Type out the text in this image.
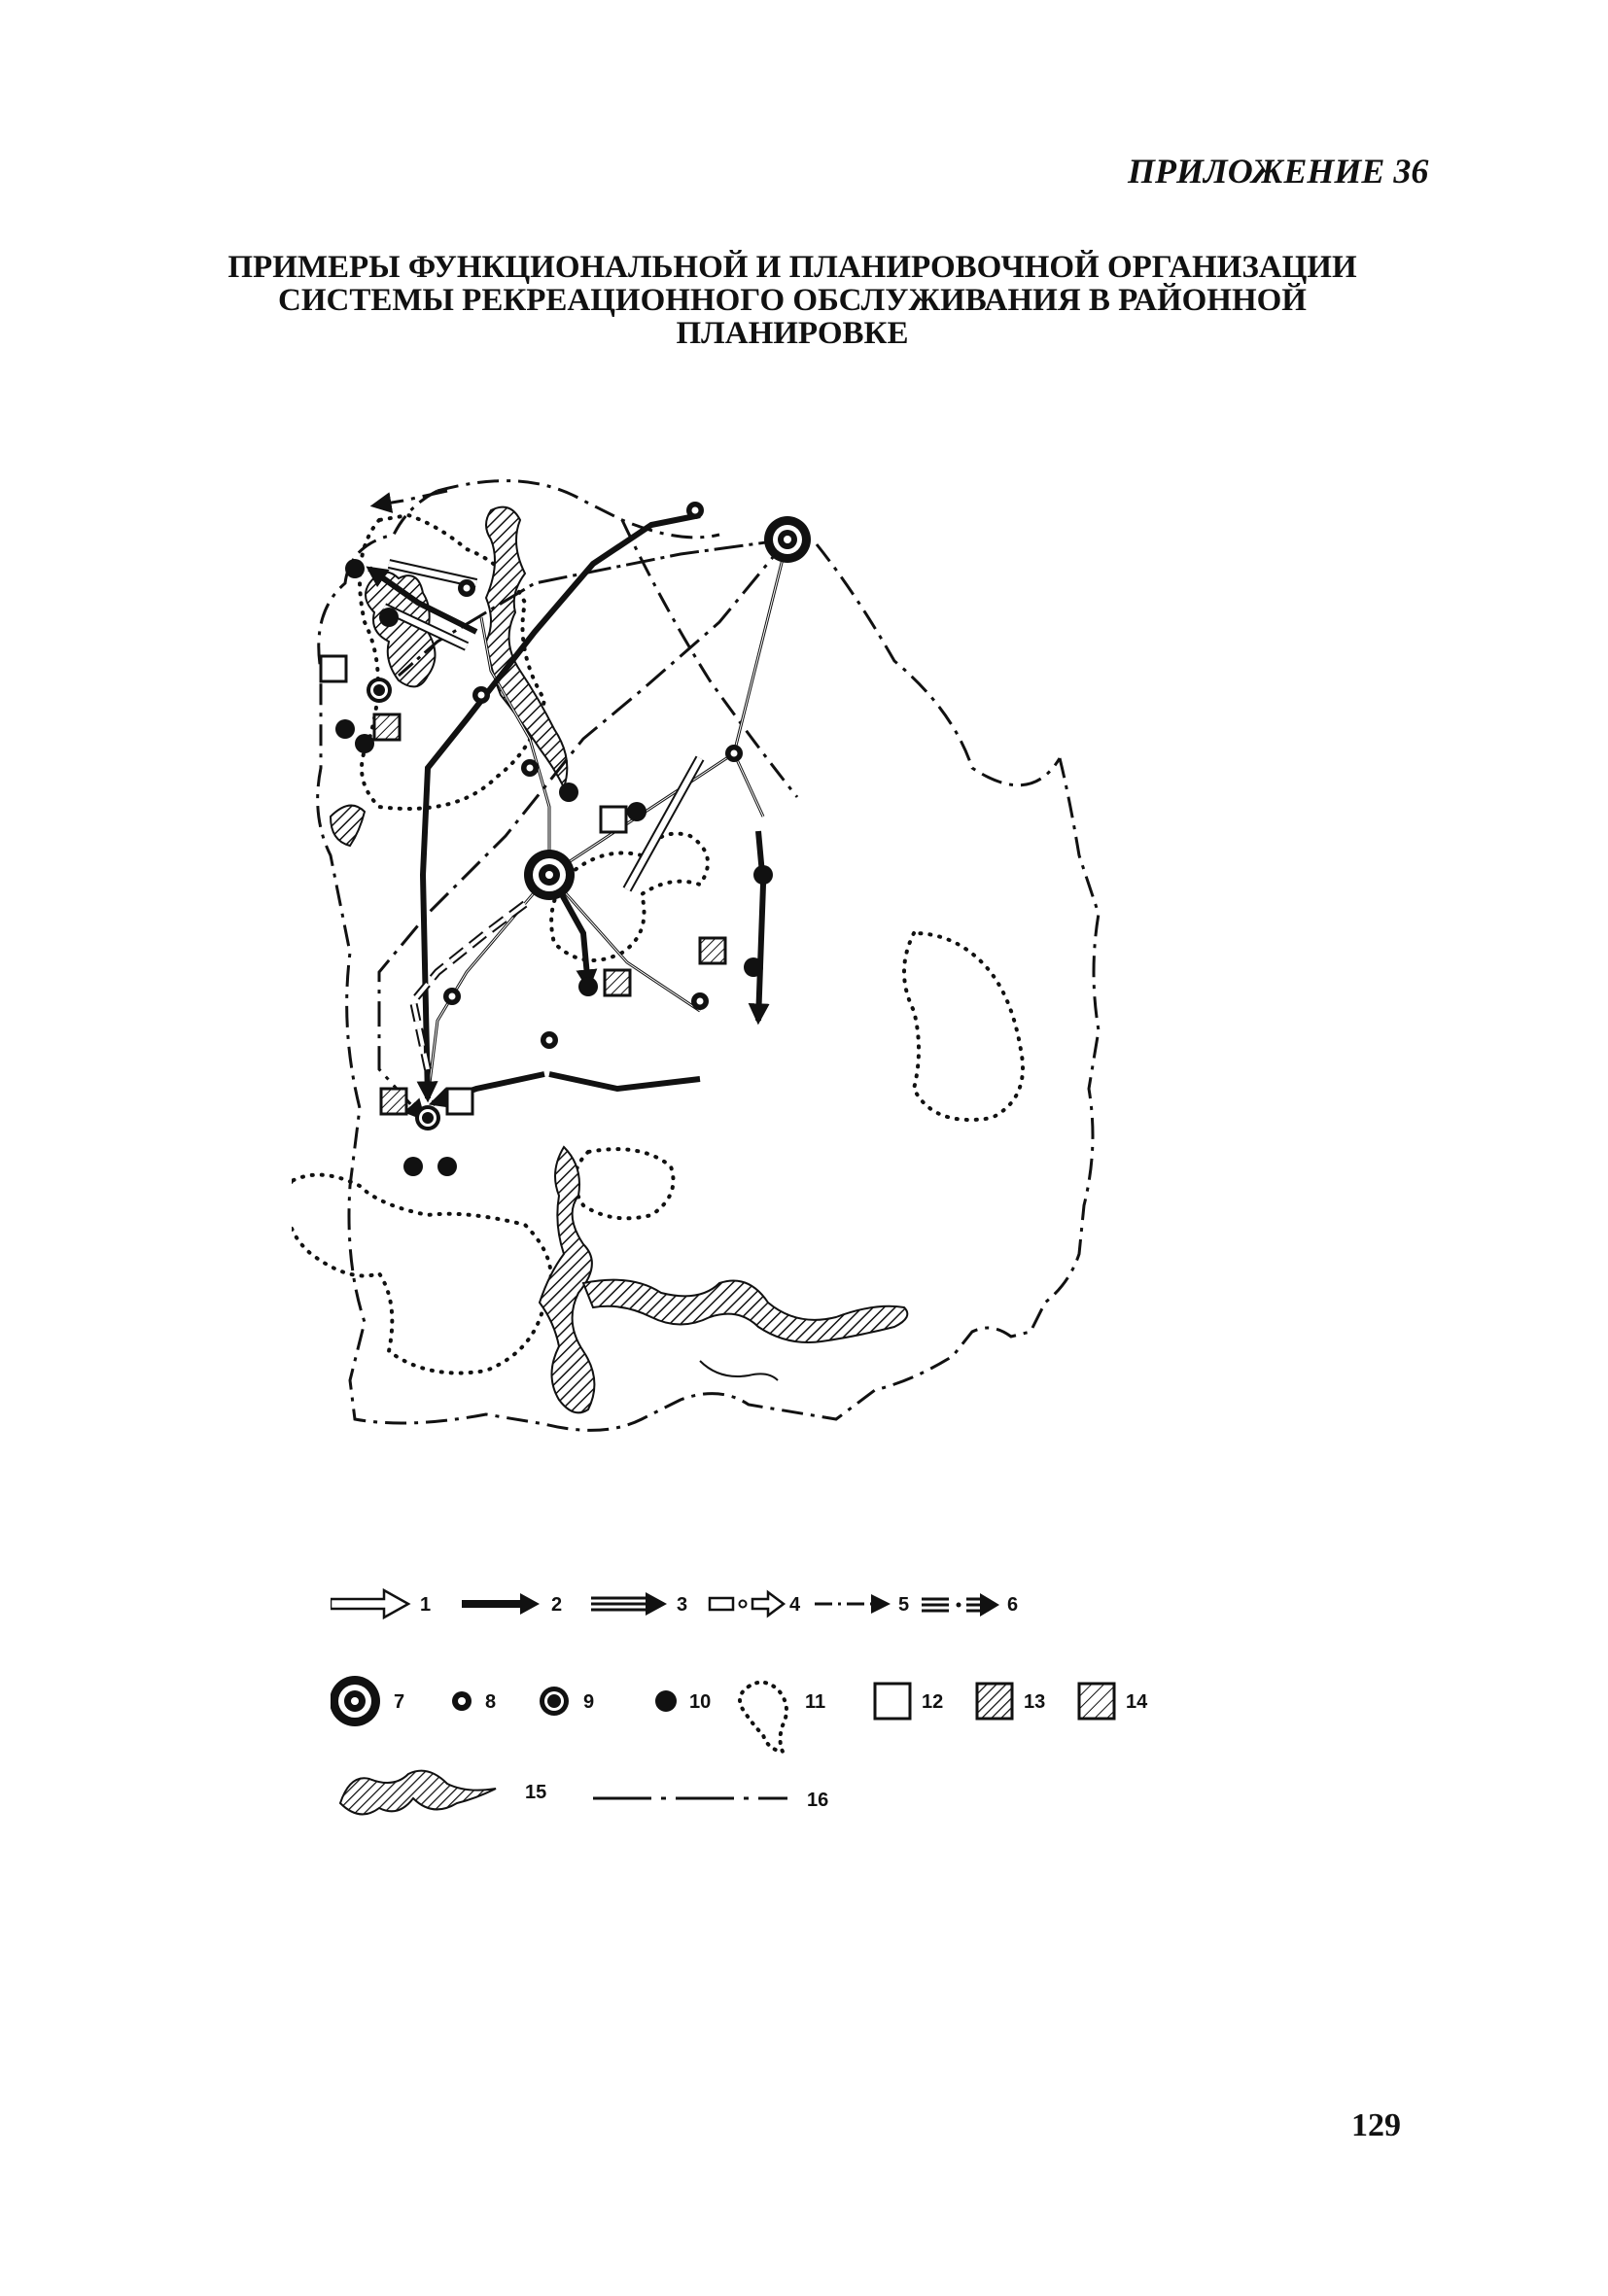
ПРИЛОЖЕНИЕ 36
ПРИМЕРЫ ФУНКЦИОНАЛЬНОЙ И ПЛАНИРОВОЧНОЙ ОРГАНИЗАЦИИ
СИСТЕМЫ РЕКРЕАЦИОННОГО ОБСЛУЖИВАНИЯ В РАЙОННОЙ
ПЛАНИРОВКЕ
1	2	3	4	5	6
7	8	9	10	11	12	13	14
15	16
129
